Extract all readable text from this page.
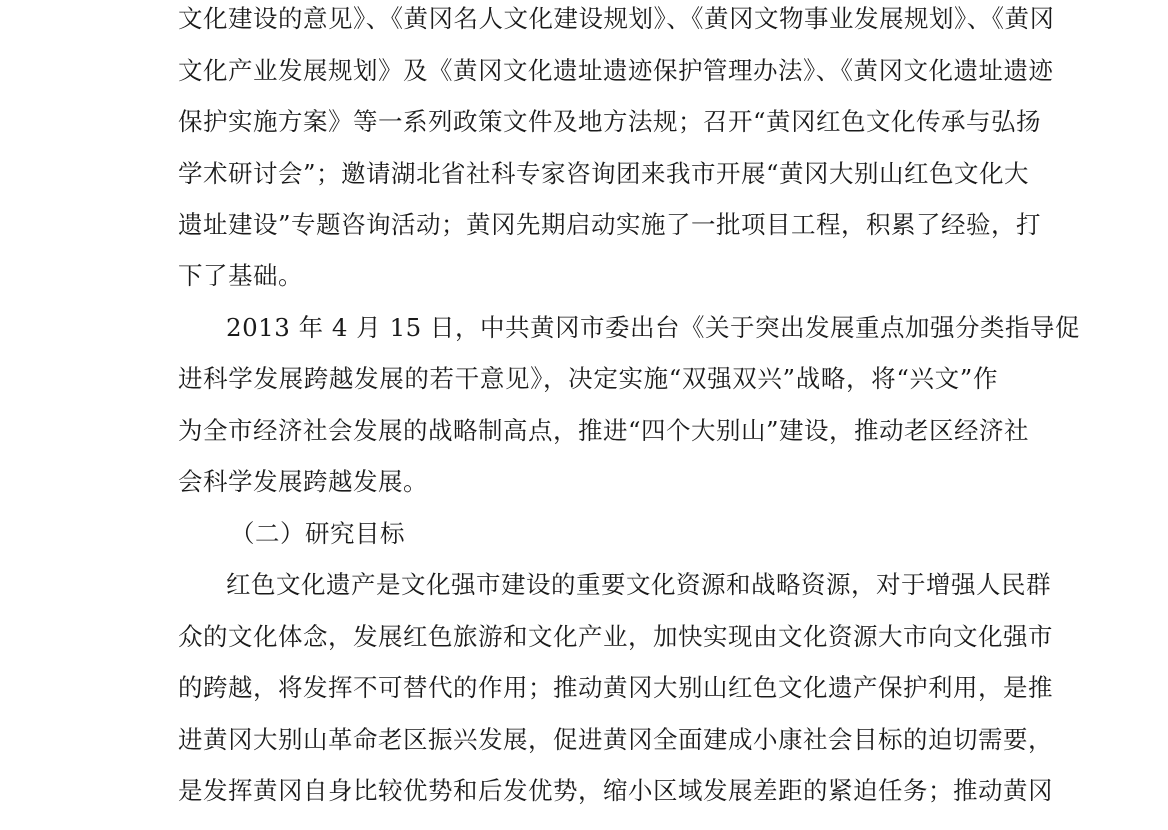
文化建设的意见》、《黄冈名人文化建设规划》、《黄冈文物事业发展规划》、《黄冈
文化产业发展规划》及《黄冈文化遗址遗迹保护管理办法》、《黄冈文化遗址遗迹
保护实施方案》等一系列政策文件及地方法规；召开“黄冈红色文化传承与弘扬
学术研讨会”；邀请湖北省社科专家咨询团来我市开展“黄冈大别山红色文化大
遗址建设”专题咨询活动；黄冈先期启动实施了一批项目工程，积累了经验，打
下了基础。
2013 年 4 月 15 日，中共黄冈市委出台《关于突出发展重点加强分类指导促
进科学发展跨越发展的若干意见》，决定实施“双强双兴”战略，将“兴文”作
为全市经济社会发展的战略制高点，推进“四个大别山”建设，推动老区经济社
会科学发展跨越发展。
（二）研究目标
红色文化遗产是文化强市建设的重要文化资源和战略资源，对于增强人民群
众的文化体念，发展红色旅游和文化产业，加快实现由文化资源大市向文化强市
的跨越，将发挥不可替代的作用；推动黄冈大别山红色文化遗产保护利用，是推
进黄冈大别山革命老区振兴发展，促进黄冈全面建成小康社会目标的迫切需要，
是发挥黄冈自身比较优势和后发优势，缩小区域发展差距的紧迫任务；推动黄冈
